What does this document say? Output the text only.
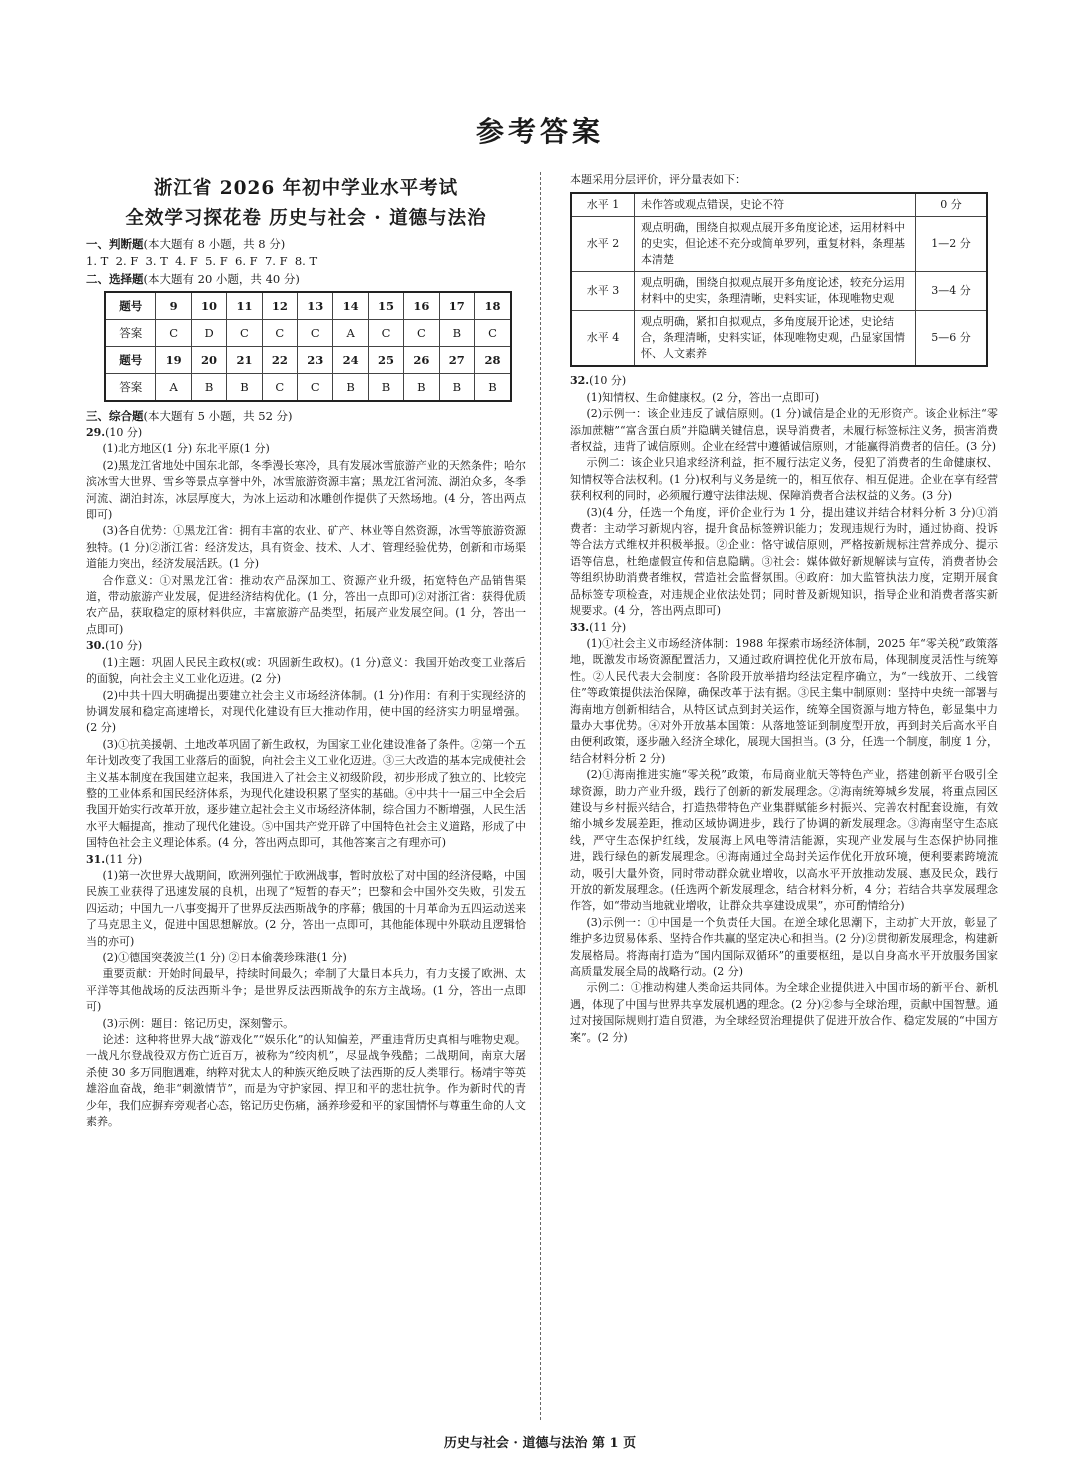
参考答案
浙江省 2026 年初中学业水平考试
全效学习探花卷 历史与社会 · 道德与法治
一、判断题(本大题有 8 小题，共 8 分)
1. T 2. F 3. T 4. F 5. F 6. F 7. F 8. T
二、选择题(本大题有 20 小题，共 40 分)
题号	9	10	11	12	13	14	15	16	17	18
答案	C	D	C	C	C	A	C	C	B	C
题号	19	20	21	22	23	24	25	26	27	28
答案	A	B	B	C	C	B	B	B	B	B
三、综合题(本大题有 5 小题，共 52 分)

29.(10 分)

(1)北方地区(1 分) 东北平原(1 分)

(2)黑龙江省地处中国东北部，冬季漫长寒冷，具有发展冰雪旅游产业的天然条件；哈尔滨冰雪大世界、雪乡等景点享誉中外，冰雪旅游资源丰富；黑龙江省河流、湖泊众多，冬季河流、湖泊封冻，冰层厚度大，为冰上运动和冰雕创作提供了天然场地。(4 分，答出两点即可)

(3)各自优势：①黑龙江省：拥有丰富的农业、矿产、林业等自然资源，冰雪等旅游资源独特。(1 分)②浙江省：经济发达，具有资金、技术、人才、管理经验优势，创新和市场渠道能力突出，经济发展活跃。(1 分)

合作意义：①对黑龙江省：推动农产品深加工、资源产业升级，拓宽特色产品销售渠道，带动旅游产业发展，促进经济结构优化。(1 分，答出一点即可)②对浙江省：获得优质农产品，获取稳定的原材料供应，丰富旅游产品类型，拓展产业发展空间。(1 分，答出一点即可)

30.(10 分)

(1)主题：巩固人民民主政权(或：巩固新生政权)。(1 分)意义：我国开始改变工业落后的面貌，向社会主义工业化迈进。(2 分)

(2)中共十四大明确提出要建立社会主义市场经济体制。(1 分)作用：有利于实现经济的协调发展和稳定高速增长，对现代化建设有巨大推动作用，使中国的经济实力明显增强。(2 分)

(3)①抗美援朝、土地改革巩固了新生政权，为国家工业化建设准备了条件。②第一个五年计划改变了我国工业落后的面貌，向社会主义工业化迈进。③三大改造的基本完成使社会主义基本制度在我国建立起来，我国进入了社会主义初级阶段，初步形成了独立的、比较完整的工业体系和国民经济体系，为现代化建设积累了坚实的基础。④中共十一届三中全会后我国开始实行改革开放，逐步建立起社会主义市场经济体制，综合国力不断增强，人民生活水平大幅提高，推动了现代化建设。⑤中国共产党开辟了中国特色社会主义道路，形成了中国特色社会主义理论体系。(4 分，答出两点即可，其他答案言之有理亦可)

31.(11 分)

(1)第一次世界大战期间，欧洲列强忙于欧洲战事，暂时放松了对中国的经济侵略，中国民族工业获得了迅速发展的良机，出现了“短暂的春天”；巴黎和会中国外交失败，引发五四运动；中国九一八事变揭开了世界反法西斯战争的序幕；俄国的十月革命为五四运动送来了马克思主义，促进中国思想解放。(2 分，答出一点即可，其他能体现中外联动且逻辑恰当的亦可)

(2)①德国突袭波兰(1 分) ②日本偷袭珍珠港(1 分)

重要贡献：开始时间最早，持续时间最久；牵制了大量日本兵力，有力支援了欧洲、太平洋等其他战场的反法西斯斗争；是世界反法西斯战争的东方主战场。(1 分，答出一点即可)

(3)示例：题目：铭记历史，深刻警示。

论述：这种将世界大战“游戏化”“娱乐化”的认知偏差，严重违背历史真相与唯物史观。一战凡尔登战役双方伤亡近百万，被称为“绞肉机”，尽显战争残酷；二战期间，南京大屠杀使 30 多万同胞遇难，纳粹对犹太人的种族灭绝反映了法西斯的反人类罪行。杨靖宇等英雄浴血奋战，绝非“刺激情节”，而是为守护家园、捍卫和平的悲壮抗争。作为新时代的青少年，我们应摒弃旁观者心态，铭记历史伤痛，涵养珍爱和平的家国情怀与尊重生命的人文素养。

本题采用分层评价，评分量表如下：

水平 1	未作答或观点错误，史论不符	0 分
水平 2	观点明确，围绕自拟观点展开多角度论述，运用材料中的史实，但论述不充分或简单罗列，重复材料，条理基本清楚	1—2 分
水平 3	观点明确，围绕自拟观点展开多角度论述，较充分运用材料中的史实，条理清晰，史料实证，体现唯物史观	3—4 分
水平 4	观点明确，紧扣自拟观点，多角度展开论述，史论结合，条理清晰，史料实证，体现唯物史观，凸显家国情怀、人文素养	5—6 分

32.(10 分)

(1)知情权、生命健康权。(2 分，答出一点即可)

(2)示例一：该企业违反了诚信原则。(1 分)诚信是企业的无形资产。该企业标注“零添加蔗糖”“富含蛋白质”并隐瞒关键信息，误导消费者，未履行标签标注义务，损害消费者权益，违背了诚信原则。企业在经营中遵循诚信原则，才能赢得消费者的信任。(3 分)

示例二：该企业只追求经济利益，拒不履行法定义务，侵犯了消费者的生命健康权、知情权等合法权利。(1 分)权利与义务是统一的，相互依存、相互促进。企业在享有经营获利权利的同时，必须履行遵守法律法规、保障消费者合法权益的义务。(3 分)

(3)(4 分，任选一个角度，评价企业行为 1 分，提出建议并结合材料分析 3 分)①消费者：主动学习新规内容，提升食品标签辨识能力；发现违规行为时，通过协商、投诉等合法方式维权并积极举报。②企业：恪守诚信原则，严格按新规标注营养成分、提示语等信息，杜绝虚假宣传和信息隐瞒。③社会：媒体做好新规解读与宣传，消费者协会等组织协助消费者维权，营造社会监督氛围。④政府：加大监管执法力度，定期开展食品标签专项检查，对违规企业依法处罚；同时普及新规知识，指导企业和消费者落实新规要求。(4 分，答出两点即可)

33.(11 分)

(1)①社会主义市场经济体制：1988 年探索市场经济体制，2025 年“零关税”政策落地，既激发市场资源配置活力，又通过政府调控优化开放布局，体现制度灵活性与统筹性。②人民代表大会制度：各阶段开放举措均经法定程序确立，为“一线放开、二线管住”等政策提供法治保障，确保改革于法有据。③民主集中制原则：坚持中央统一部署与海南地方创新相结合，从特区试点到封关运作，统筹全国资源与地方特色，彰显集中力量办大事优势。④对外开放基本国策：从落地签证到制度型开放，再到封关后高水平自由便利政策，逐步融入经济全球化，展现大国担当。(3 分，任选一个制度，制度 1 分，结合材料分析 2 分)

(2)①海南推进实施“零关税”政策，布局商业航天等特色产业，搭建创新平台吸引全球资源，助力产业升级，践行了创新的新发展理念。②海南统筹城乡发展，将重点园区建设与乡村振兴结合，打造热带特色产业集群赋能乡村振兴、完善农村配套设施，有效缩小城乡发展差距，推动区域协调进步，践行了协调的新发展理念。③海南坚守生态底线，严守生态保护红线，发展海上风电等清洁能源，实现产业发展与生态保护协同推进，践行绿色的新发展理念。④海南通过全岛封关运作优化开放环境，便利要素跨境流动，吸引大量外资，同时带动群众就业增收，以高水平开放推动发展、惠及民众，践行开放的新发展理念。(任选两个新发展理念，结合材料分析，4 分；若结合共享发展理念作答，如“带动当地就业增收，让群众共享建设成果”，亦可酌情给分)

(3)示例一：①中国是一个负责任大国。在逆全球化思潮下，主动扩大开放，彰显了维护多边贸易体系、坚持合作共赢的坚定决心和担当。(2 分)②贯彻新发展理念，构建新发展格局。将海南打造为“国内国际双循环”的重要枢纽，是以自身高水平开放服务国家高质量发展全局的战略行动。(2 分)

示例二：①推动构建人类命运共同体。为全球企业提供进入中国市场的新平台、新机遇，体现了中国与世界共享发展机遇的理念。(2 分)②参与全球治理，贡献中国智慧。通过对接国际规则打造自贸港，为全球经贸治理提供了促进开放合作、稳定发展的“中国方案”。(2 分)

历史与社会 · 道德与法治 第 1 页
